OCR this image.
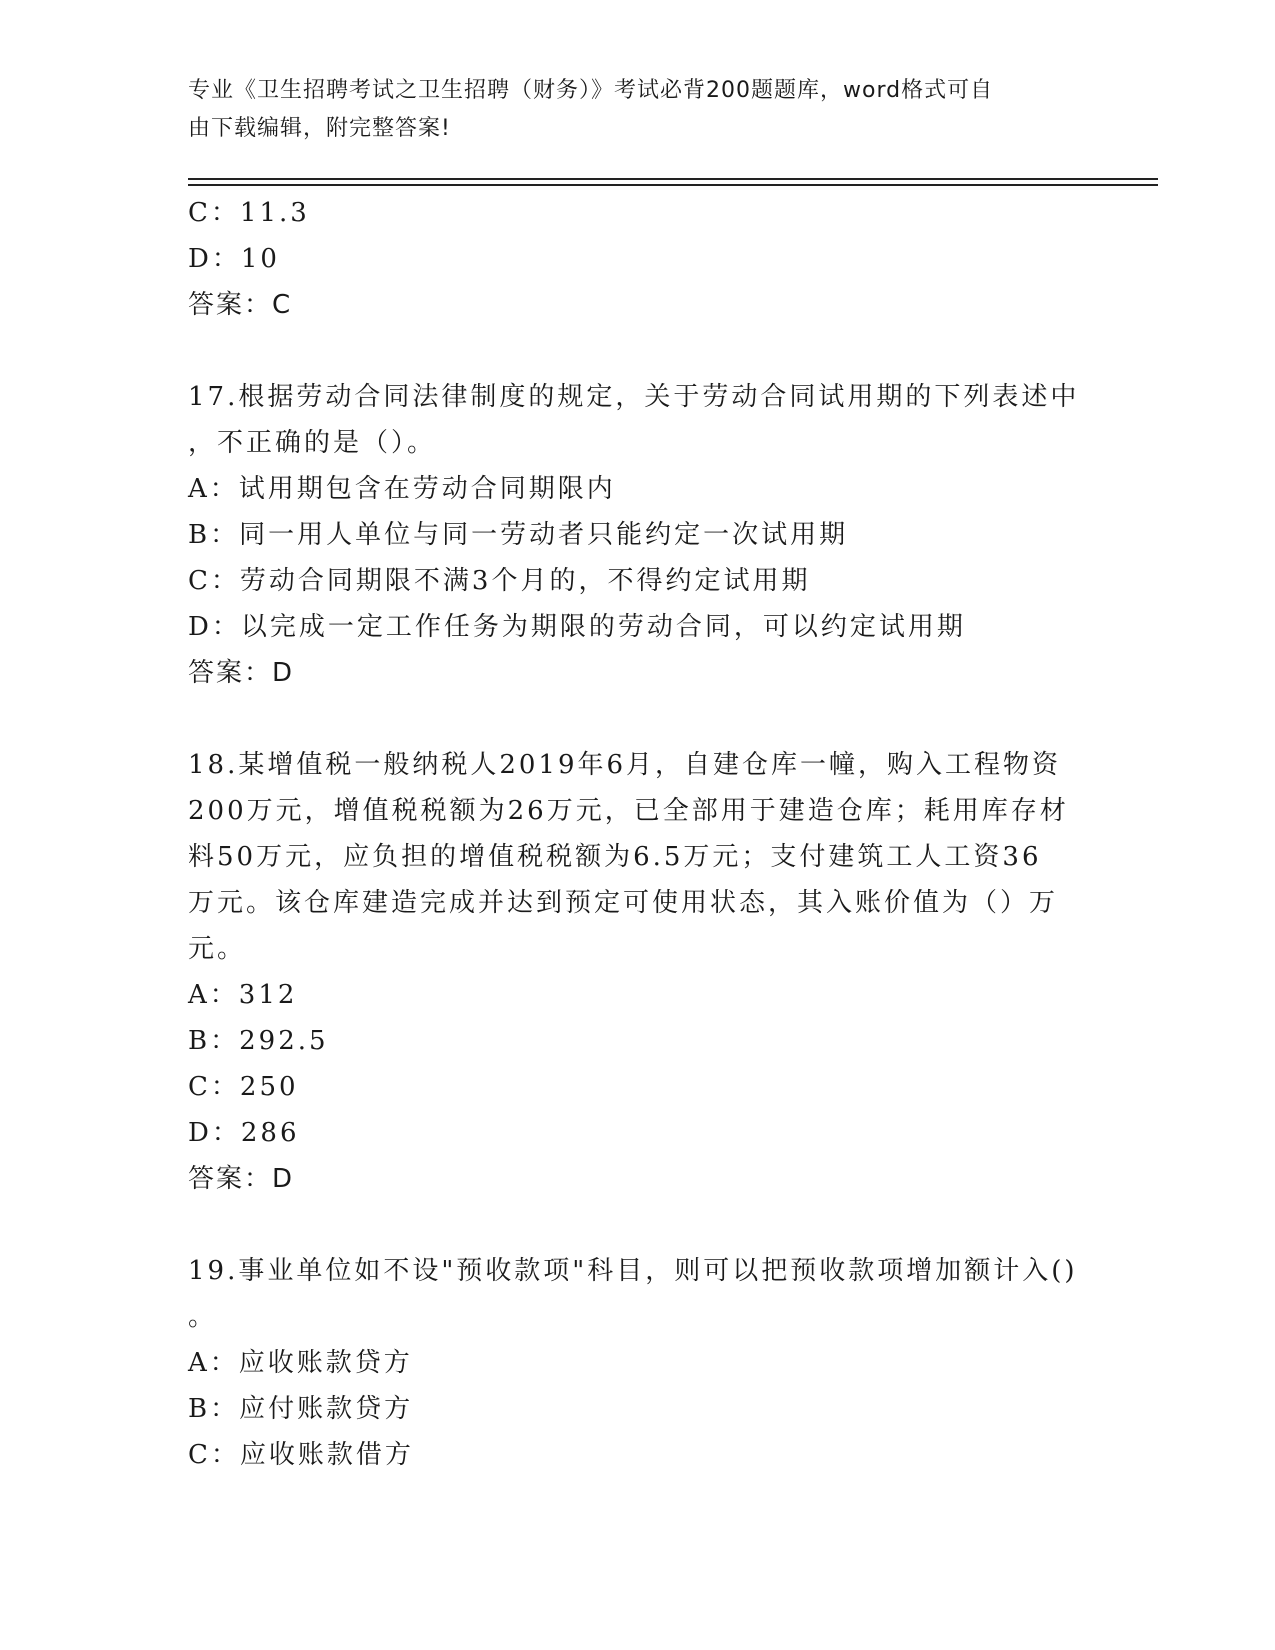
专业《卫生招聘考试之卫生招聘（财务）》考试必背200题题库，word格式可自
由下载编辑，附完整答案!
C：11.3
D：10
答案：C
17.根据劳动合同法律制度的规定，关于劳动合同试用期的下列表述中
，不正确的是（）。
A：试用期包含在劳动合同期限内
B：同一用人单位与同一劳动者只能约定一次试用期
C：劳动合同期限不满3个月的，不得约定试用期
D：以完成一定工作任务为期限的劳动合同，可以约定试用期
答案：D
18.某增值税一般纳税人2019年6月，自建仓库一幢，购入工程物资
200万元，增值税税额为26万元，已全部用于建造仓库；耗用库存材
料50万元，应负担的增值税税额为6.5万元；支付建筑工人工资36
万元。该仓库建造完成并达到预定可使用状态，其入账价值为（）万
元。
A：312
B：292.5
C：250
D：286
答案：D
19.事业单位如不设"预收款项"科目，则可以把预收款项增加额计入()
。
A：应收账款贷方
B：应付账款贷方
C：应收账款借方
